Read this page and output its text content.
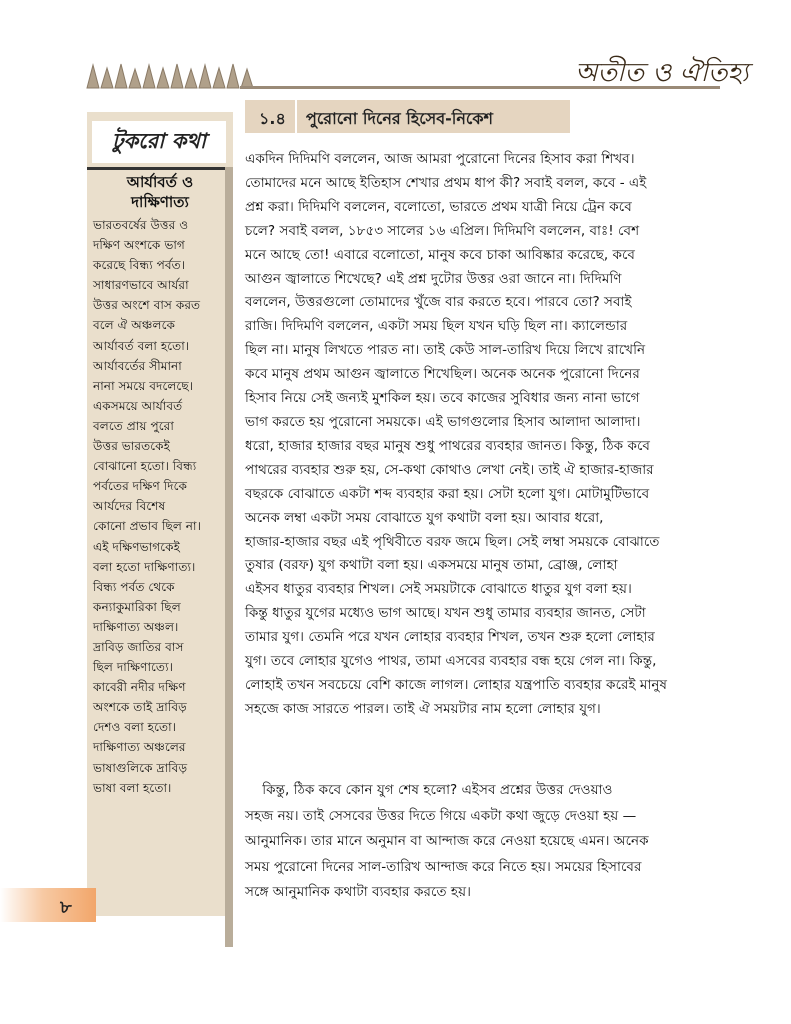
অতীত ও ঐতিহ্য
টুকরো কথা
আর্যাবর্ত ও
দাক্ষিণাত্য
ভারতবর্ষের উত্তর ও
দক্ষিণ অংশকে ভাগ
করেছে বিন্ধ্য পর্বত।
সাধারণভাবে আর্যরা
উত্তর অংশে বাস করত
বলে ঐ অঞ্চলকে
আর্যাবর্ত বলা হতো।
আর্যাবর্তের সীমানা
নানা সময়ে বদলেছে।
একসময়ে আর্যাবর্ত
বলতে প্রায় পুরো
উত্তর ভারতকেই
বোঝানো হতো। বিন্ধ্য
পর্বতের দক্ষিণ দিকে
আর্যদের বিশেষ
কোনো প্রভাব ছিল না।
এই দক্ষিণভাগকেই
বলা হতো দাক্ষিণাত্য।
বিন্ধ্য পর্বত থেকে
কন্যাকুমারিকা ছিল
দাক্ষিণাত্য অঞ্চল।
দ্রাবিড় জাতির বাস
ছিল দাক্ষিণাত্যে।
কাবেরী নদীর দক্ষিণ
অংশকে তাই দ্রাবিড়
দেশও বলা হতো।
দাক্ষিণাত্য অঞ্চলের
ভাষাগুলিকে দ্রাবিড়
ভাষা বলা হতো।
১.৪ পুরোনো দিনের হিসেব-নিকেশ
একদিন দিদিমণি বললেন, আজ আমরা পুরোনো দিনের হিসাব করা শিখব।
তোমাদের মনে আছে ইতিহাস শেখার প্রথম ধাপ কী? সবাই বলল, কবে - এই
প্রশ্ন করা। দিদিমণি বললেন, বলোতো, ভারতে প্রথম যাত্রী নিয়ে ট্রেন কবে
চলে? সবাই বলল, ১৮৫৩ সালের ১৬ এপ্রিল। দিদিমণি বললেন, বাঃ! বেশ
মনে আছে তো! এবারে বলোতো, মানুষ কবে চাকা আবিষ্কার করেছে, কবে
আগুন জ্বালাতে শিখেছে? এই প্রশ্ন দুটোর উত্তর ওরা জানে না। দিদিমণি
বললেন, উত্তরগুলো তোমাদের খুঁজে বার করতে হবে। পারবে তো? সবাই
রাজি। দিদিমণি বললেন, একটা সময় ছিল যখন ঘড়ি ছিল না। ক্যালেন্ডার
ছিল না। মানুষ লিখতে পারত না। তাই কেউ সাল-তারিখ দিয়ে লিখে রাখেনি
কবে মানুষ প্রথম আগুন জ্বালাতে শিখেছিল। অনেক অনেক পুরোনো দিনের
হিসাব নিয়ে সেই জন্যই মুশকিল হয়। তবে কাজের সুবিধার জন্য নানা ভাগে
ভাগ করতে হয় পুরোনো সময়কে। এই ভাগগুলোর হিসাব আলাদা আলাদা।
ধরো, হাজার হাজার বছর মানুষ শুধু পাথরের ব্যবহার জানত। কিন্তু, ঠিক কবে
পাথরের ব্যবহার শুরু হয়, সে-কথা কোথাও লেখা নেই। তাই ঐ হাজার-হাজার
বছরকে বোঝাতে একটা শব্দ ব্যবহার করা হয়। সেটা হলো যুগ। মোটামুটিভাবে
অনেক লম্বা একটা সময় বোঝাতে যুগ কথাটা বলা হয়। আবার ধরো,
হাজার-হাজার বছর এই পৃথিবীতে বরফ জমে ছিল। সেই লম্বা সময়কে বোঝাতে
তুষার (বরফ) যুগ কথাটা বলা হয়। একসময়ে মানুষ তামা, ব্রোঞ্জ, লোহা
এইসব ধাতুর ব্যবহার শিখল। সেই সময়টাকে বোঝাতে ধাতুর যুগ বলা হয়।
কিন্তু ধাতুর যুগের মধ্যেও ভাগ আছে। যখন শুধু তামার ব্যবহার জানত, সেটা
তামার যুগ। তেমনি পরে যখন লোহার ব্যবহার শিখল, তখন শুরু হলো লোহার
যুগ। তবে লোহার যুগেও পাথর, তামা এসবের ব্যবহার বন্ধ হয়ে গেল না। কিন্তু,
লোহাই তখন সবচেয়ে বেশি কাজে লাগল। লোহার যন্ত্রপাতি ব্যবহার করেই মানুষ
সহজে কাজ সারতে পারল। তাই ঐ সময়টার নাম হলো লোহার যুগ।
কিন্তু, ঠিক কবে কোন যুগ শেষ হলো? এইসব প্রশ্নের উত্তর দেওয়াও
সহজ নয়। তাই সেসবের উত্তর দিতে গিয়ে একটা কথা জুড়ে দেওয়া হয় —
আনুমানিক। তার মানে অনুমান বা আন্দাজ করে নেওয়া হয়েছে এমন। অনেক
সময় পুরোনো দিনের সাল-তারিখ আন্দাজ করে নিতে হয়। সময়ের হিসাবের
সঙ্গে আনুমানিক কথাটা ব্যবহার করতে হয়।
৮
